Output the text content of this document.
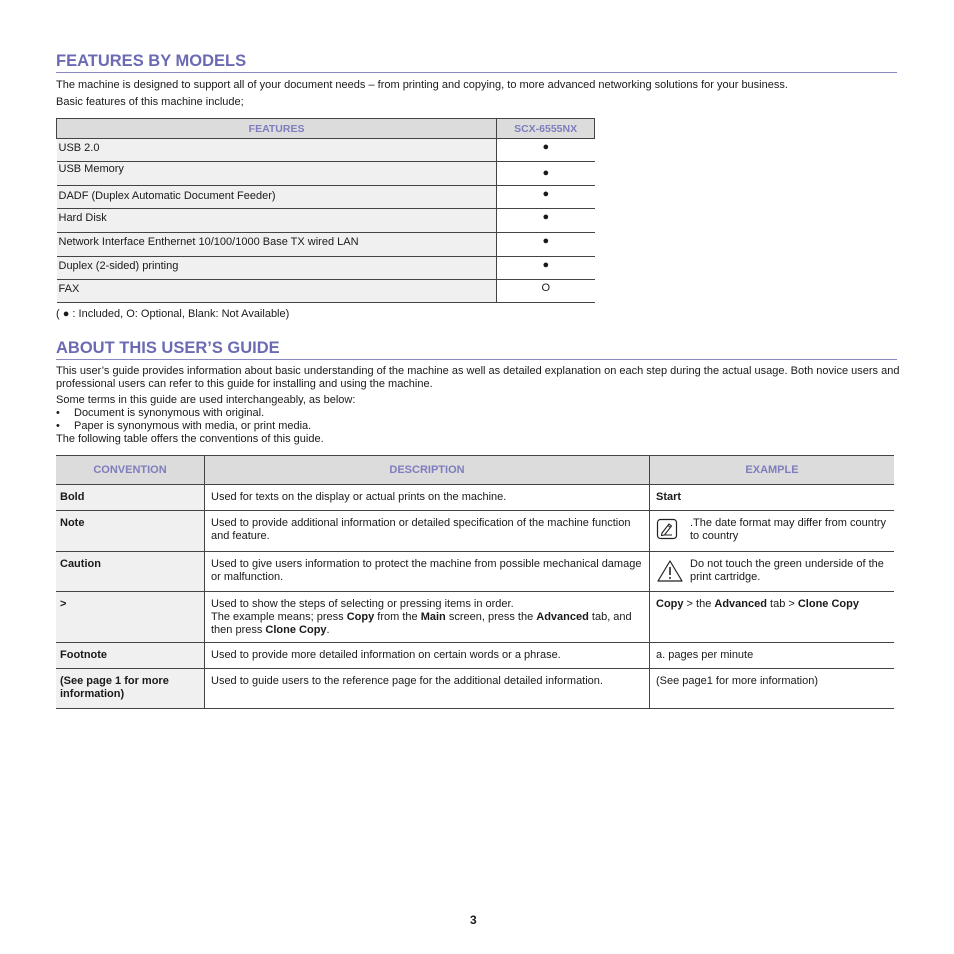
FEATURES BY MODELS
The machine is designed to support all of your document needs – from printing and copying, to more advanced networking solutions for your business.
Basic features of this machine include;
FEATURES	SCX-6555NX
USB 2.0	●
USB Memory	●
DADF (Duplex Automatic Document Feeder)	●
Hard Disk	●
Network Interface Enthernet 10/100/1000 Base TX wired LAN	●
Duplex (2-sided) printing	●
FAX	O
( ● : Included, O: Optional, Blank: Not Available)
ABOUT THIS USER’S GUIDE
This user’s guide provides information about basic understanding of the machine as well as detailed explanation on each step during the actual usage. Both novice users and professional users can refer to this guide for installing and using the machine.
Some terms in this guide are used interchangeably, as below:
• Document is synonymous with original.
• Paper is synonymous with media, or print media.
The following table offers the conventions of this guide.
CONVENTION	DESCRIPTION	EXAMPLE
Bold	Used for texts on the display or actual prints on the machine.	Start
Note	Used to provide additional information or detailed specification of the machine function and feature.	.The date format may differ from country to country

Caution	Used to give users information to protect the machine from possible mechanical damage or malfunction.	Do not touch the green underside of the print cartridge.

>	Used to show the steps of selecting or pressing items in order.
The example means; press Copy from the Main screen, press the Advanced tab, and then press Clone Copy.	Copy > the Advanced tab > Clone Copy
Footnote	Used to provide more detailed information on certain words or a phrase.	a. pages per minute
(See page 1 for more information)	Used to guide users to the reference page for the additional detailed information.	(See page1 for more information)
3
